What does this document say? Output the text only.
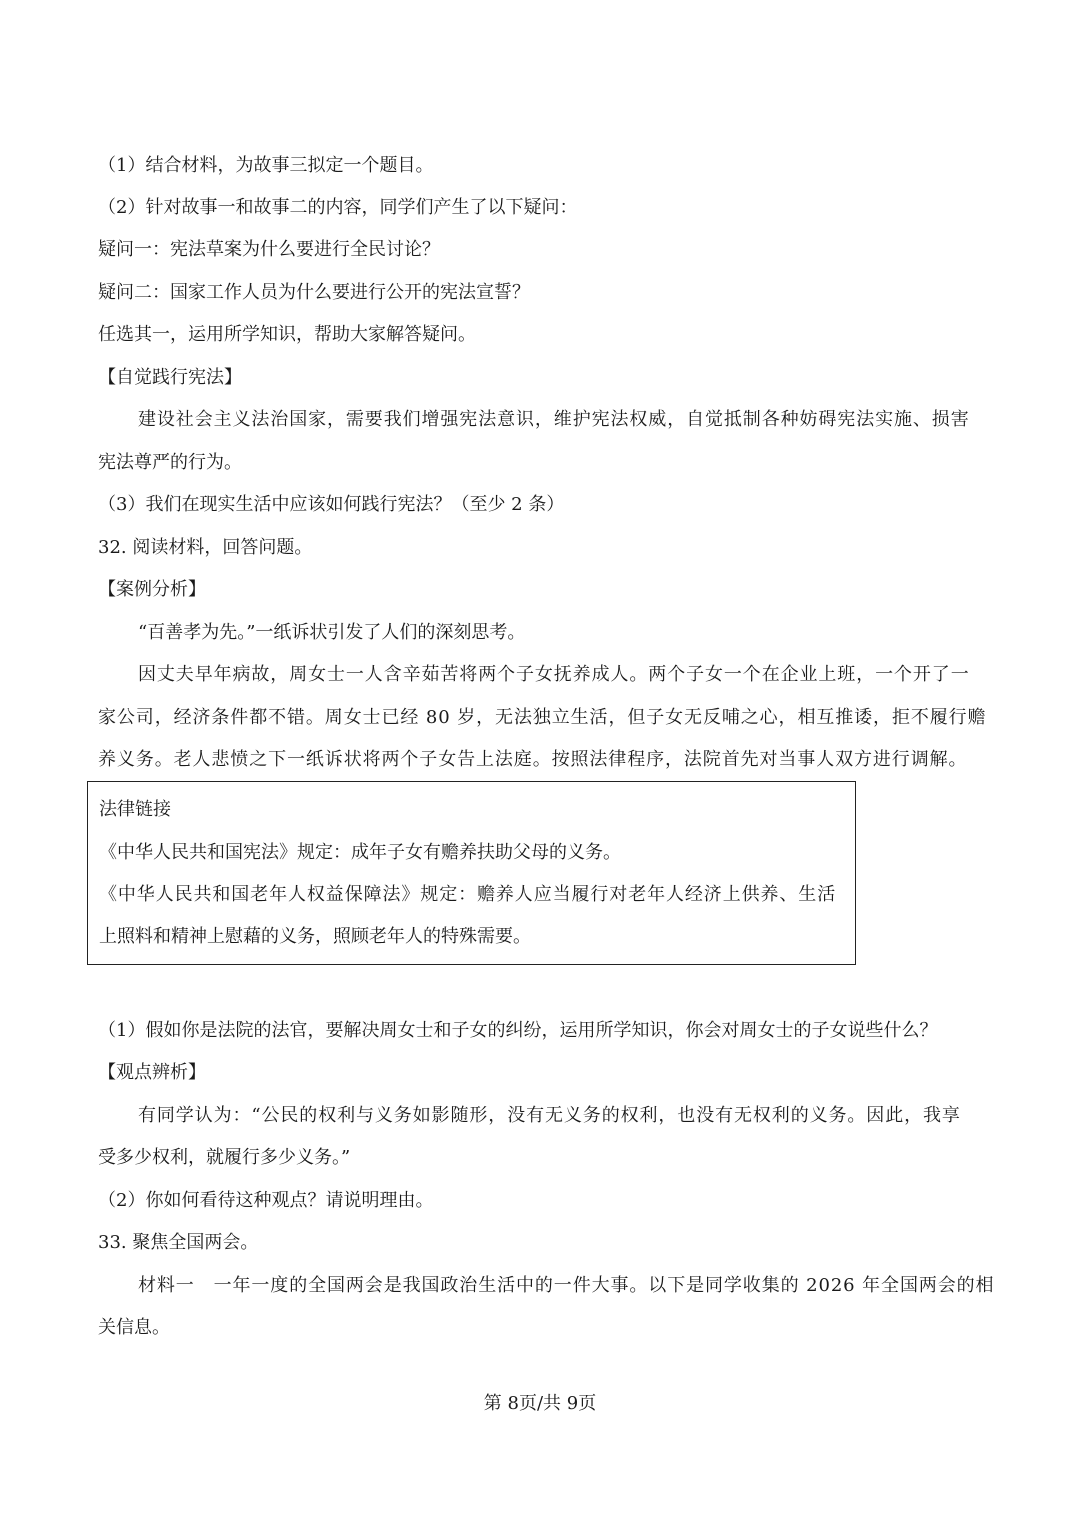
（1）结合材料，为故事三拟定一个题目。
（2）针对故事一和故事二的内容，同学们产生了以下疑问：
疑问一：宪法草案为什么要进行全民讨论？
疑问二：国家工作人员为什么要进行公开的宪法宣誓？
任选其一，运用所学知识，帮助大家解答疑问。
【自觉践行宪法】
建设社会主义法治国家，需要我们增强宪法意识，维护宪法权威，自觉抵制各种妨碍宪法实施、损害
宪法尊严的行为。
（3）我们在现实生活中应该如何践行宪法？（至少 2 条）
32. 阅读材料，回答问题。
【案例分析】
“百善孝为先。”一纸诉状引发了人们的深刻思考。
因丈夫早年病故，周女士一人含辛茹苦将两个子女抚养成人。两个子女一个在企业上班，一个开了一
家公司，经济条件都不错。周女士已经 80 岁，无法独立生活，但子女无反哺之心，相互推诿，拒不履行赡
养义务。老人悲愤之下一纸诉状将两个子女告上法庭。按照法律程序，法院首先对当事人双方进行调解。
法律链接
《中华人民共和国宪法》规定：成年子女有赡养扶助父母的义务。
《中华人民共和国老年人权益保障法》规定：赡养人应当履行对老年人经济上供养、生活
上照料和精神上慰藉的义务，照顾老年人的特殊需要。
（1）假如你是法院的法官，要解决周女士和子女的纠纷，运用所学知识，你会对周女士的子女说些什么？
【观点辨析】
有同学认为：“公民的权利与义务如影随形，没有无义务的权利，也没有无权利的义务。因此，我享
受多少权利，就履行多少义务。”
（2）你如何看待这种观点？请说明理由。
33. 聚焦全国两会。
材料一　一年一度的全国两会是我国政治生活中的一件大事。以下是同学收集的 2026 年全国两会的相
关信息。
第 8页/共 9页
